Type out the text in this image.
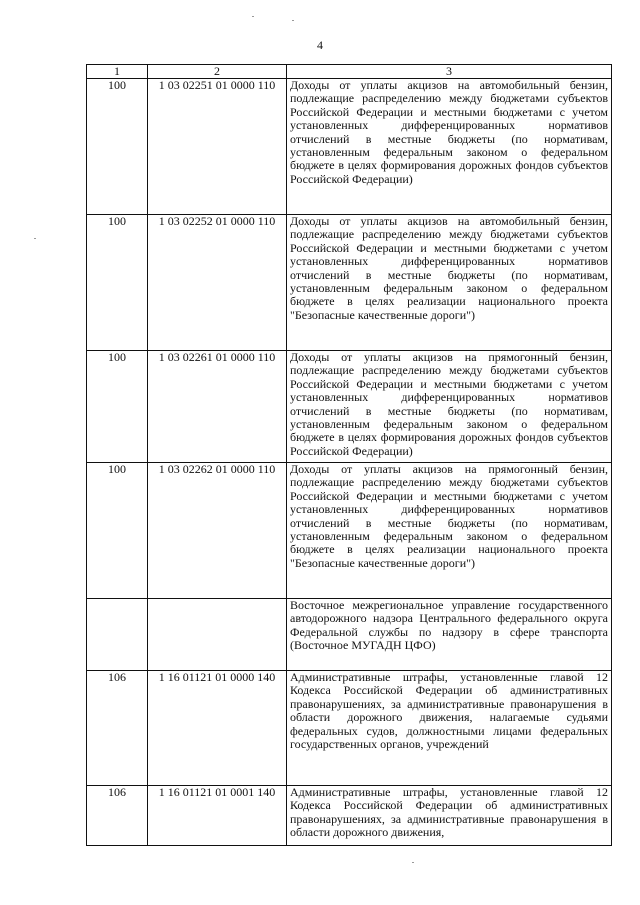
4
1	2	3
100	1 03 02251 01 0000 110	Доходы от уплаты акцизов на автомобильный бензин, подлежащие распределению между бюджетами субъектов Российской Федерации и местными бюджетами с учетом установленных дифференцированных нормативов отчислений в местные бюджеты (по нормативам, установленным федеральным законом о федеральном бюджете в целях формирования дорожных фондов субъектов Российской Федерации)
100	1 03 02252 01 0000 110	Доходы от уплаты акцизов на автомобильный бензин, подлежащие распределению между бюджетами субъектов Российской Федерации и местными бюджетами с учетом установленных дифференцированных нормативов отчислений в местные бюджеты (по нормативам, установленным федеральным законом о федеральном бюджете в целях реализации национального проекта "Безопасные качественные дороги")
100	1 03 02261 01 0000 110	Доходы от уплаты акцизов на прямогонный бензин, подлежащие распределению между бюджетами субъектов Российской Федерации и местными бюджетами с учетом установленных дифференцированных нормативов отчислений в местные бюджеты (по нормативам, установленным федеральным законом о федеральном бюджете в целях формирования дорожных фондов субъектов Российской Федерации)
100	1 03 02262 01 0000 110	Доходы от уплаты акцизов на прямогонный бензин, подлежащие распределению между бюджетами субъектов Российской Федерации и местными бюджетами с учетом установленных дифференцированных нормативов отчислений в местные бюджеты (по нормативам, установленным федеральным законом о федеральном бюджете в целях реализации национального проекта "Безопасные качественные дороги")
		Восточное межрегиональное управление государственного автодорожного надзора Центрального федерального округа Федеральной службы по надзору в сфере транспорта (Восточное МУГАДН ЦФО)
106	1 16 01121 01 0000 140	Административные штрафы, установленные главой 12 Кодекса Российской Федерации об административных правонарушениях, за административные правонарушения в области дорожного движения, налагаемые судьями федеральных судов, должностными лицами федеральных государственных органов, учреждений
106	1 16 01121 01 0001 140	Административные штрафы, установленные главой 12 Кодекса Российской Федерации об административных правонарушениях, за административные правонарушения в области дорожного движения,
